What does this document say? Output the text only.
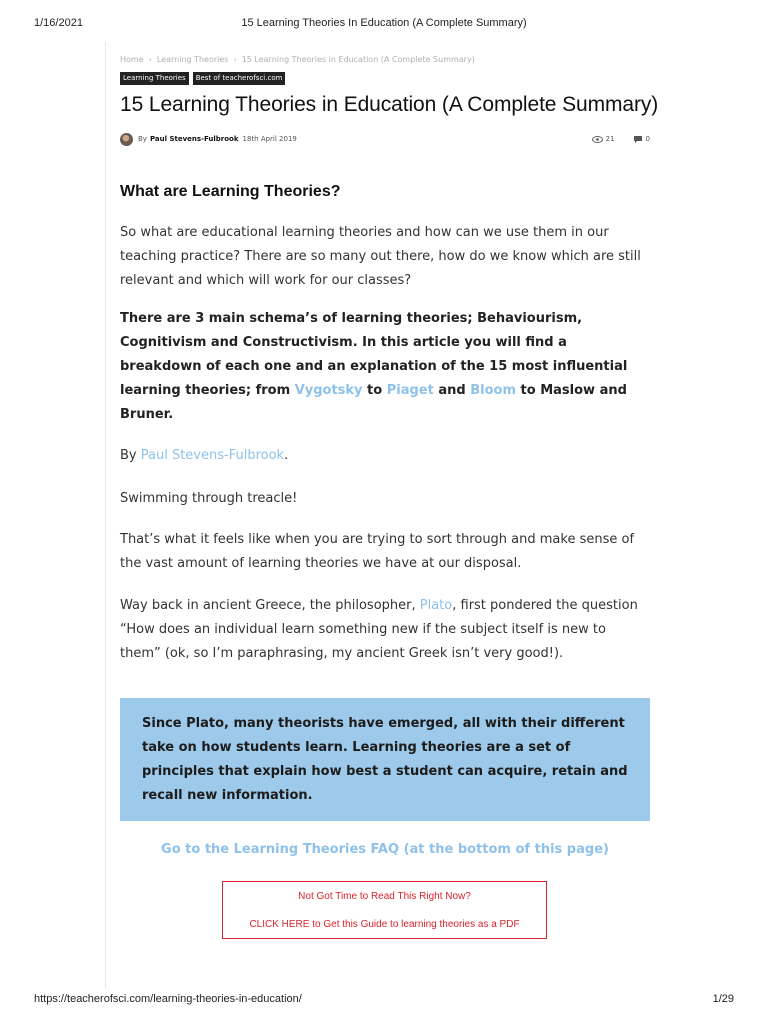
1/16/2021	15 Learning Theories In Education (A Complete Summary)
Home › Learning Theories › 15 Learning Theories in Education (A Complete Summary)
Learning Theories	Best of teacherofsci.com
15 Learning Theories in Education (A Complete Summary)
By Paul Stevens-Fulbrook 18th April 2019	21	0
What are Learning Theories?

So what are educational learning theories and how can we use them in our teaching practice? There are so many out there, how do we know which are still relevant and which will work for our classes?

There are 3 main schema’s of learning theories; Behaviourism, Cognitivism and Constructivism. In this article you will find a breakdown of each one and an explanation of the 15 most influential learning theories; from Vygotsky to Piaget and Bloom to Maslow and Bruner.

By Paul Stevens-Fulbrook.

Swimming through treacle!

That’s what it feels like when you are trying to sort through and make sense of the vast amount of learning theories we have at our disposal.

Way back in ancient Greece, the philosopher, Plato, first pondered the question “How does an individual learn something new if the subject itself is new to them” (ok, so I’m paraphrasing, my ancient Greek isn’t very good!).

Since Plato, many theorists have emerged, all with their different take on how students learn. Learning theories are a set of principles that explain how best a student can acquire, retain and recall new information.

Go to the Learning Theories FAQ (at the bottom of this page)
Not Got Time to Read This Right Now?
CLICK HERE to Get this Guide to learning theories as a PDF
https://teacherofsci.com/learning-theories-in-education/	1/29
